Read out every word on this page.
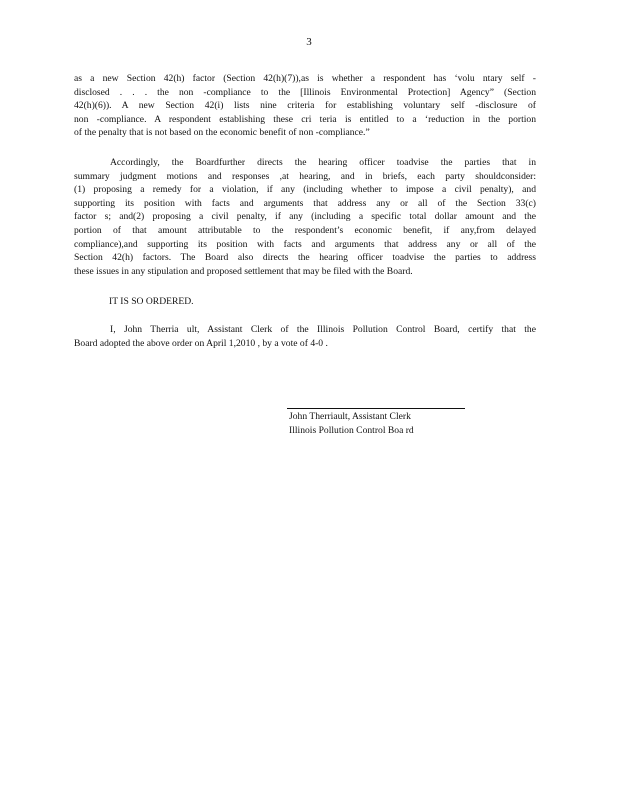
3
as a new Section 42(h) factor (Section 42(h)(7)),as is whether a respondent has ‘volu ntary self -
disclosed . . . the non -compliance to the [Illinois Environmental Protection] Agency” (Section
42(h)(6)). A new Section 42(i) lists nine criteria for establishing voluntary self -disclosure of
non -compliance. A respondent establishing these cri teria is entitled to a ‘reduction in the portion
of the penalty that is not based on the economic benefit of non -compliance.”
Accordingly, the Boardfurther directs the hearing officer toadvise the parties that in
summary judgment motions and responses ,at hearing, and in briefs, each party shouldconsider:
(1) proposing a remedy for a violation, if any (including whether to impose a civil penalty), and
supporting its position with facts and arguments that address any or all of the Section 33(c)
factor s; and(2) proposing a civil penalty, if any (including a specific total dollar amount and the
portion of that amount attributable to the respondent’s economic benefit, if any,from delayed
compliance),and supporting its position with facts and arguments that address any or all of the
Section 42(h) factors. The Board also directs the hearing officer toadvise the parties to address
these issues in any stipulation and proposed settlement that may be filed with the Board.
IT IS SO ORDERED.
I, John Therria ult, Assistant Clerk of the Illinois Pollution Control Board, certify that the
Board adopted the above order on April 1,2010 , by a vote of 4-0 .
John Therriault, Assistant Clerk
Illinois Pollution Control Boa rd
